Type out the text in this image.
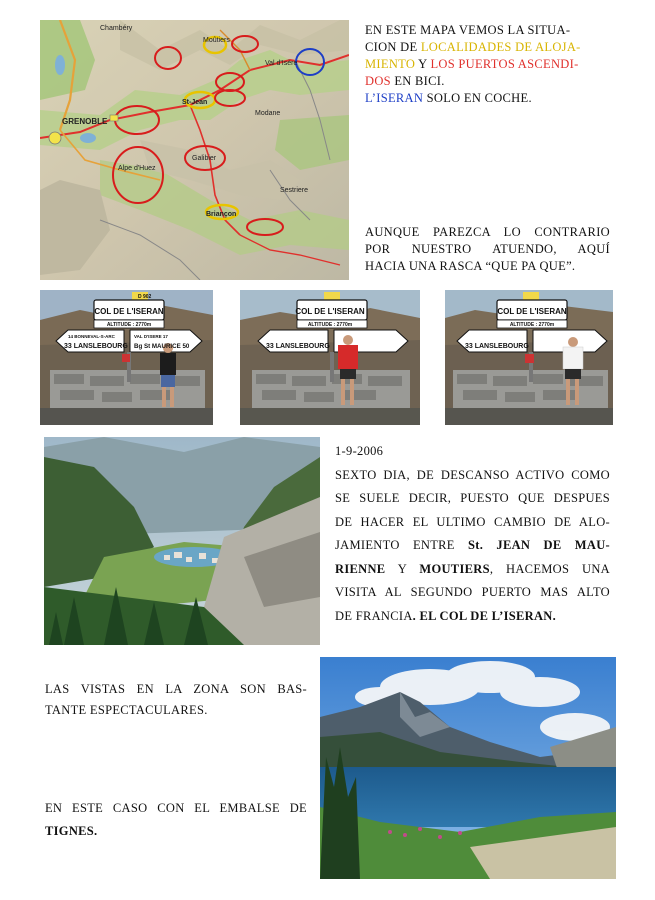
Chambéry
GRENOBLE
St-Jean
Briançon
Val d'Isère
Moûtiers
Sestriere
Alpe d'Huez
Galibier
Modane
EN ESTE MAPA VEMOS LA SITUA-
CION DE LOCALIDADES DE ALOJA-
MIENTO Y LOS PUERTOS ASCENDI-
DOS EN BICI.
L’ISERAN SOLO EN COCHE.
AUNQUE PAREZCA LO CONTRARIO
POR NUESTRO ATUENDO, AQUÍ
HACIA UNA RASCA “QUE PA QUE”.
D 902
COL DE L'ISERAN
ALTITUDE : 2770m
14 BONNEVAL-S-ARC
33 LANSLEBOURG
VAL D'ISERE 17
Bg St MAURICE 50
COL DE L'ISERAN
ALTITUDE : 2770m
33 LANSLEBOURG
COL DE L'ISERAN
ALTITUDE : 2770m
33 LANSLEBOURG
1-9-2006
SEXTO DIA, DE DESCANSO ACTIVO COMO
SE SUELE DECIR, PUESTO QUE DESPUES
DE HACER EL ULTIMO CAMBIO DE ALO-
JAMIENTO ENTRE St. JEAN DE MAU-
RIENNE Y MOUTIERS, HACEMOS UNA
VISITA AL SEGUNDO PUERTO MAS ALTO
DE FRANCIA. EL COL DE L’ISERAN.
LAS VISTAS EN LA ZONA SON BAS-
TANTE ESPECTACULARES.
EN ESTE CASO CON EL EMBALSE DE
TIGNES.
